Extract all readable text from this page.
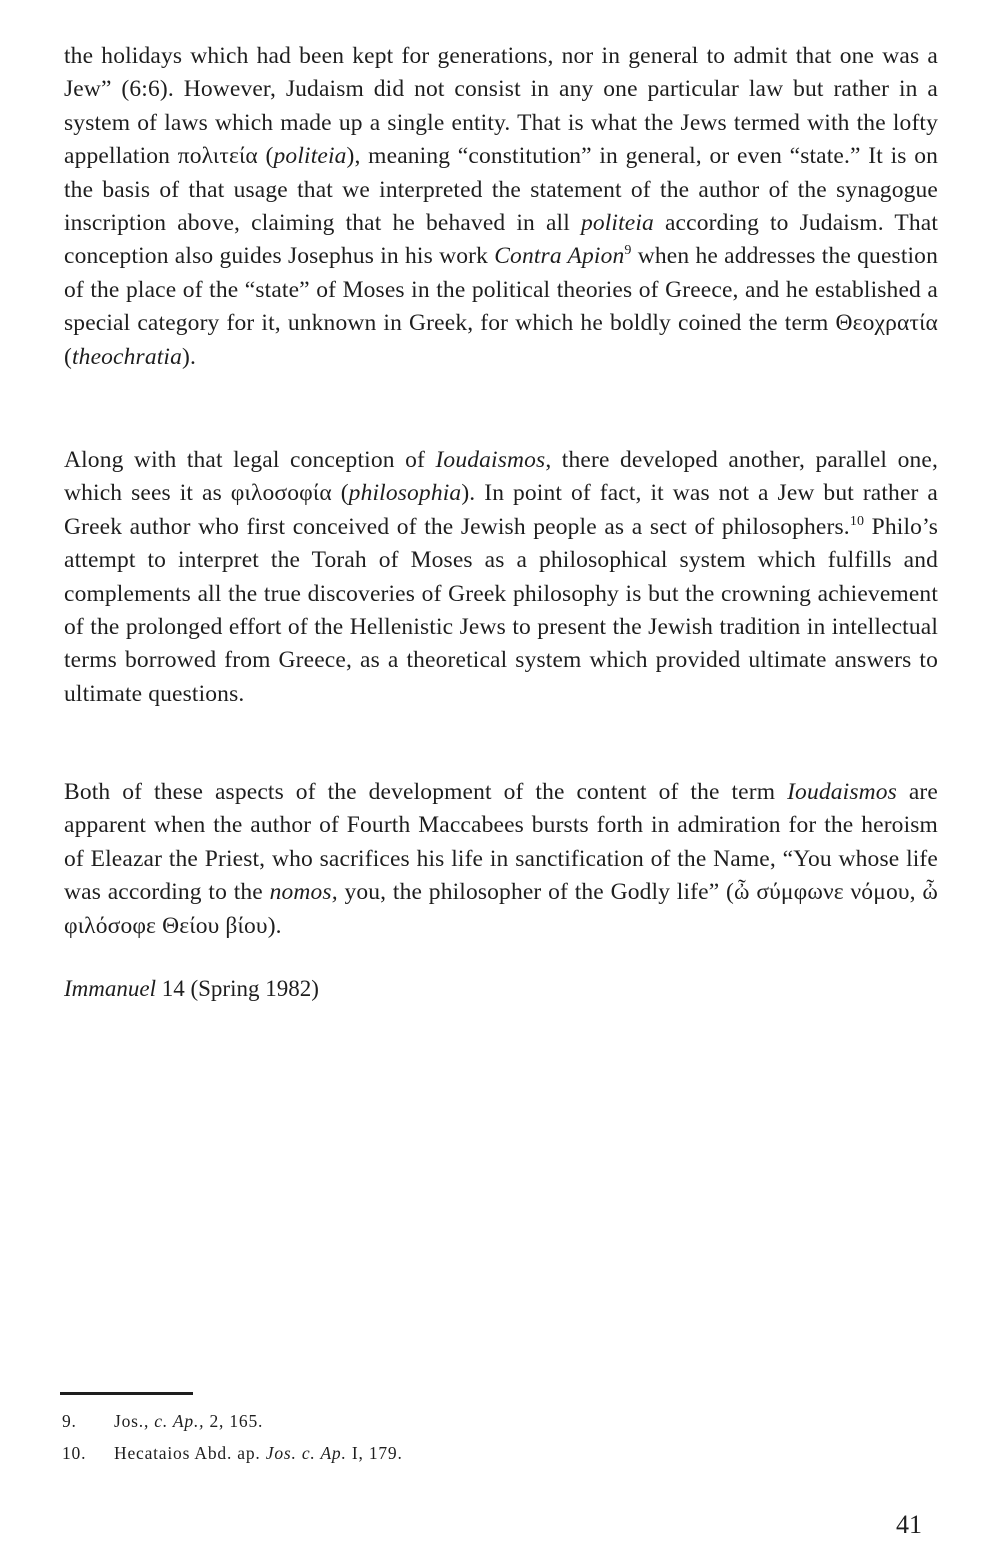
the holidays which had been kept for generations, nor in general to admit that one was a Jew” (6:6). However, Judaism did not consist in any one particular law but rather in a system of laws which made up a single entity. That is what the Jews termed with the lofty appellation πολιτεία (politeia), meaning “constitution” in general, or even “state.” It is on the basis of that usage that we interpreted the statement of the author of the synagogue inscription above, claiming that he behaved in all politeia according to Judaism. That conception also guides Josephus in his work Contra Apion$^9$ when he addresses the question of the place of the “state” of Moses in the political theories of Greece, and he established a special category for it, unknown in Greek, for which he boldly coined the term Θεοχρατία (theochratia).

Along with that legal conception of Ioudaismos, there developed another, parallel one, which sees it as φιλοσοφία (philosophia). In point of fact, it was not a Jew but rather a Greek author who first conceived of the Jewish people as a sect of philosophers.$^{10}$ Philo’s attempt to interpret the Torah of Moses as a philosophical system which fulfills and complements all the true discoveries of Greek philosophy is but the crowning achievement of the prolonged effort of the Hellenistic Jews to present the Jewish tradition in intellectual terms borrowed from Greece, as a theoretical system which provided ultimate answers to ultimate questions.

Both of these aspects of the development of the content of the term Ioudaismos are apparent when the author of Fourth Maccabees bursts forth in admiration for the heroism of Eleazar the Priest, who sacrifices his life in sanctification of the Name, “You whose life was according to the nomos, you, the philosopher of the Godly life” (ὦ σύμφωνε νόμου, ὦ φιλόσοφε Θείου βίου).

Immanuel 14 (Spring 1982)

9. Jos., c. Ap., 2, 165.

10. Hecataios Abd. ap. Jos. c. Ap. I, 179.

41
